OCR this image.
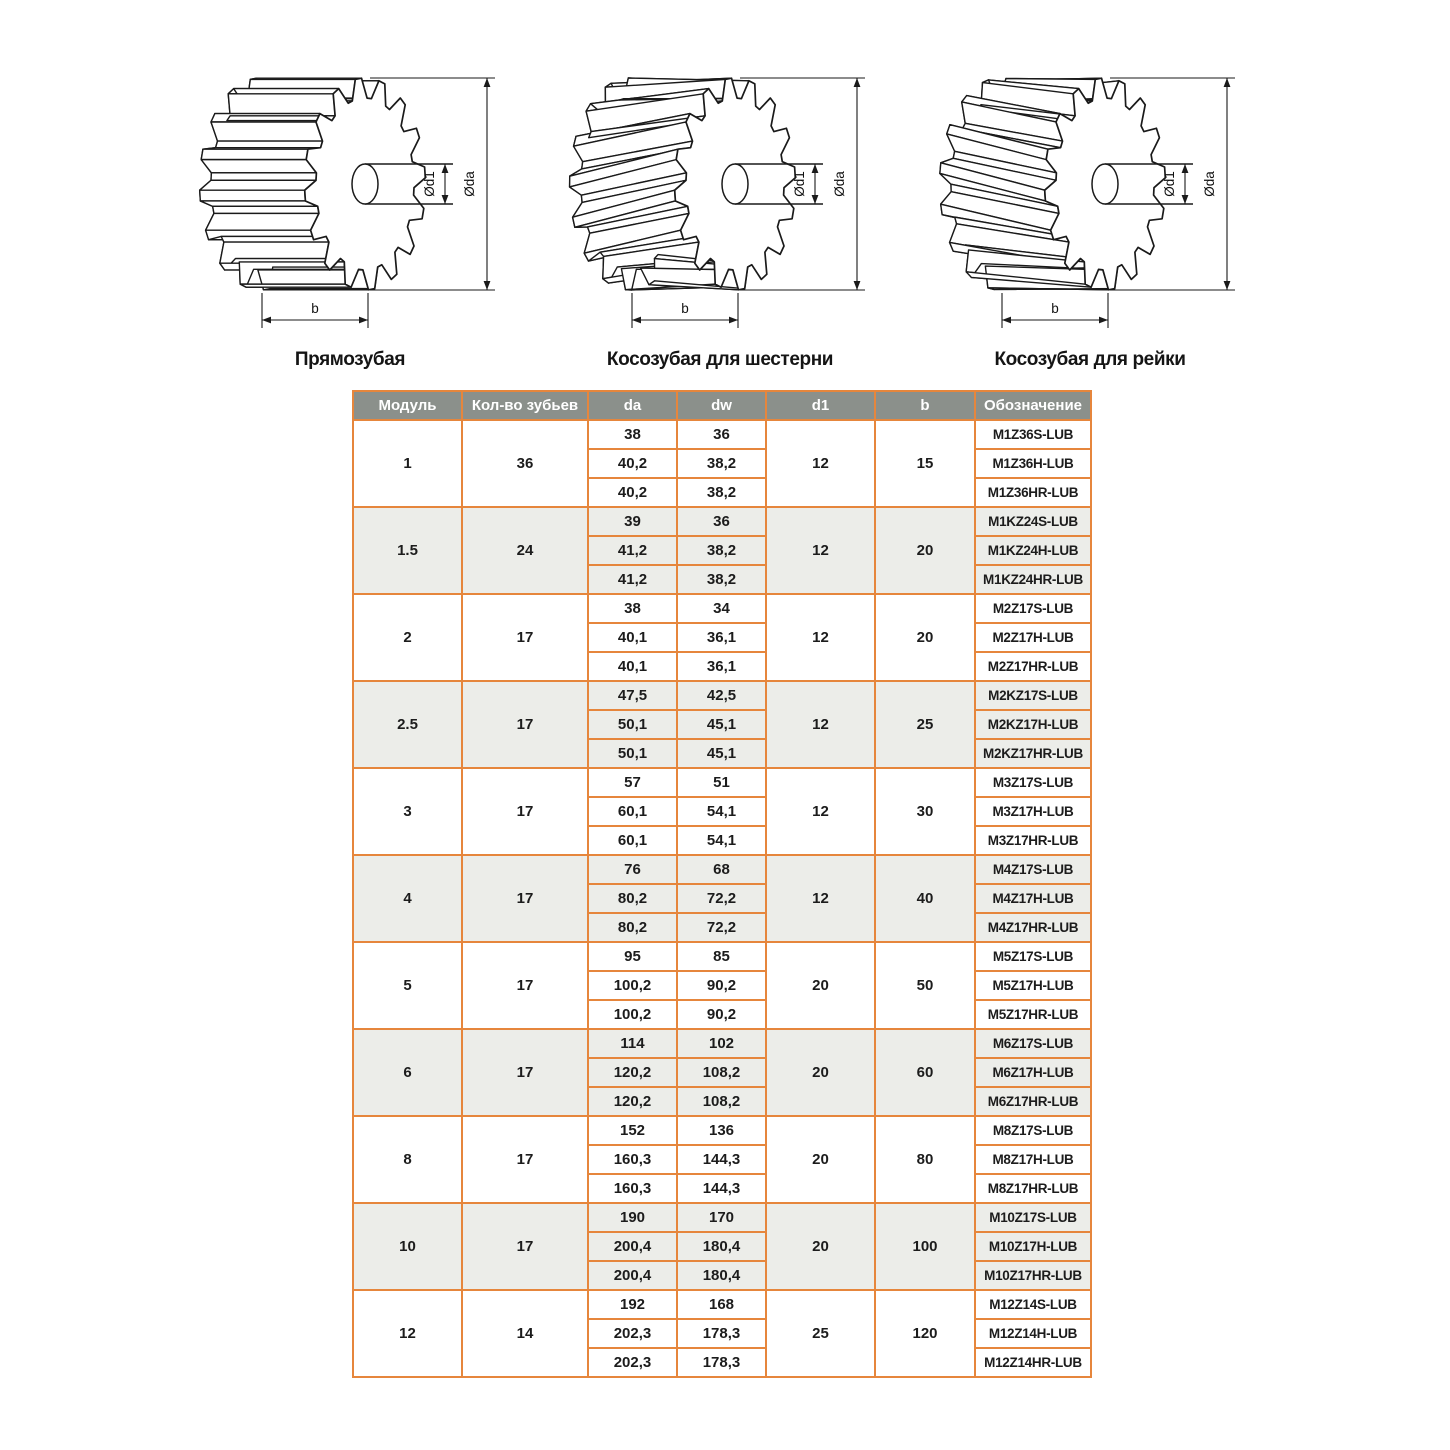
Ød1 Øda
b
Прямозубая
Ød1 Øda
b
Косозубая для шестерни
Ød1 Øda
b
Косозубая для рейки
Модуль	Кол-во зубьев	da	dw	d1	b	Обозначение
1	36	38	36	12	15	M1Z36S-LUB
		40,2	38,2			M1Z36H-LUB
		40,2	38,2			M1Z36HR-LUB
1.5	24	39	36	12	20	M1KZ24S-LUB
		41,2	38,2			M1KZ24H-LUB
		41,2	38,2			M1KZ24HR-LUB
2	17	38	34	12	20	M2Z17S-LUB
		40,1	36,1			M2Z17H-LUB
		40,1	36,1			M2Z17HR-LUB
2.5	17	47,5	42,5	12	25	M2KZ17S-LUB
		50,1	45,1			M2KZ17H-LUB
		50,1	45,1			M2KZ17HR-LUB
3	17	57	51	12	30	M3Z17S-LUB
		60,1	54,1			M3Z17H-LUB
		60,1	54,1			M3Z17HR-LUB
4	17	76	68	12	40	M4Z17S-LUB
		80,2	72,2			M4Z17H-LUB
		80,2	72,2			M4Z17HR-LUB
5	17	95	85	20	50	M5Z17S-LUB
		100,2	90,2			M5Z17H-LUB
		100,2	90,2			M5Z17HR-LUB
6	17	114	102	20	60	M6Z17S-LUB
		120,2	108,2			M6Z17H-LUB
		120,2	108,2			M6Z17HR-LUB
8	17	152	136	20	80	M8Z17S-LUB
		160,3	144,3			M8Z17H-LUB
		160,3	144,3			M8Z17HR-LUB
10	17	190	170	20	100	M10Z17S-LUB
		200,4	180,4			M10Z17H-LUB
		200,4	180,4			M10Z17HR-LUB
12	14	192	168	25	120	M12Z14S-LUB
		202,3	178,3			M12Z14H-LUB
		202,3	178,3			M12Z14HR-LUB
